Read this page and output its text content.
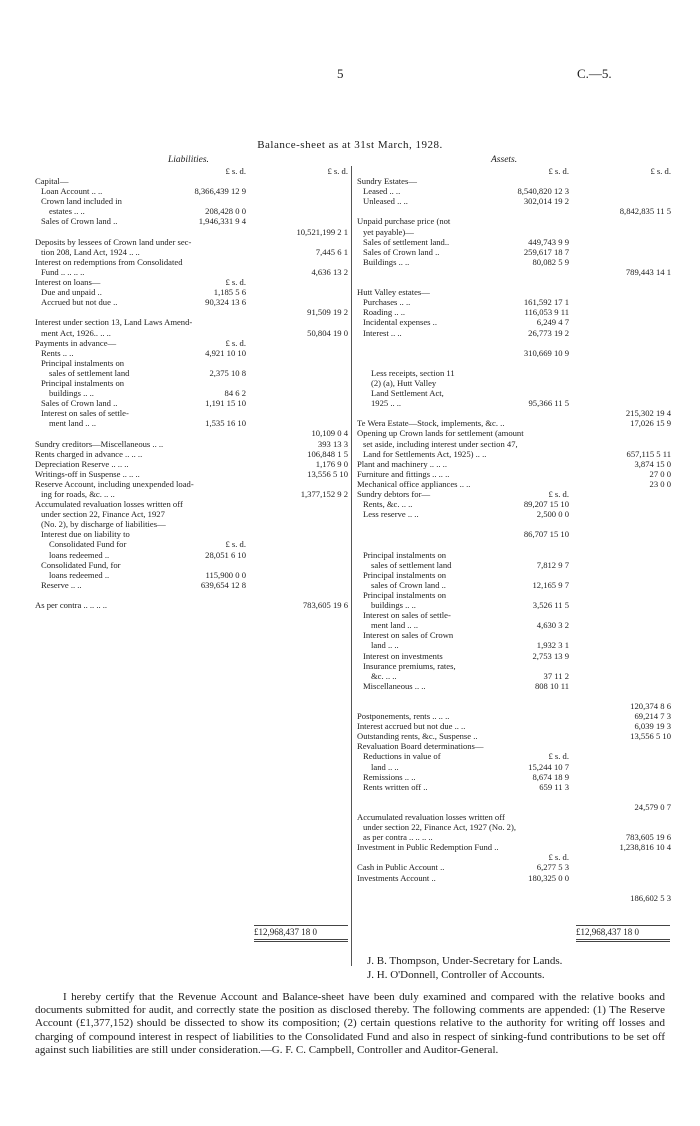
5	C.—5.
Balance-sheet as at 31st March, 1928.
Liabilities.
£ s. d.	£ s. d.
Capital—
Loan Account .. ..	8,366,439 12 9
Crown land included in
estates .. ..	208,428 0 0
Sales of Crown land ..	1,946,331 9 4
10,521,199 2 1
Deposits by lessees of Crown land under sec-
tion 208, Land Act, 1924 .. ..	7,445 6 1
Interest on redemptions from Consolidated
Fund .. .. .. ..	4,636 13 2
Interest on loans—	£ s. d.
Due and unpaid ..	1,185 5 6
Accrued but not due ..	90,324 13 6
91,509 19 2
Interest under section 13, Land Laws Amend-
ment Act, 1926.. .. ..	50,804 19 0
Payments in advance—	£ s. d.
Rents .. ..	4,921 10 10
Principal instalments on
sales of settlement land	2,375 10 8
Principal instalments on
buildings .. ..	84 6 2
Sales of Crown land ..	1,191 15 10
Interest on sales of settle-
ment land .. ..	1,535 16 10
10,109 0 4
Sundry creditors—Miscellaneous .. ..	393 13 3
Rents charged in advance .. .. ..	106,848 1 5
Depreciation Reserve .. .. ..	1,176 9 0
Writings-off in Suspense .. .. ..	13,556 5 10
Reserve Account, including unexpended load-
ing for roads, &c. .. ..	1,377,152 9 2
Accumulated revaluation losses written off
under section 22, Finance Act, 1927
(No. 2), by discharge of liabilities—
Interest due on liability to
Consolidated Fund for	£ s. d.
loans redeemed ..	28,051 6 10
Consolidated Fund, for
loans redeemed ..	115,900 0 0
Reserve .. ..	639,654 12 8
As per contra .. .. .. ..	783,605 19 6
Assets.
£ s. d.	£ s. d.
Sundry Estates—
Leased .. ..	8,540,820 12 3
Unleased .. ..	302,014 19 2
8,842,835 11 5
Unpaid purchase price (not
yet payable)—
Sales of settlement land..	449,743 9 9
Sales of Crown land ..	259,617 18 7
Buildings .. ..	80,082 5 9
789,443 14 1
Hutt Valley estates—
Purchases .. ..	161,592 17 1
Roading .. ..	116,053 9 11
Incidental expenses ..	6,249 4 7
Interest .. ..	26,773 19 2
310,669 10 9
Less receipts, section 11
(2) (a), Hutt Valley
Land Settlement Act,
1925 .. ..	95,366 11 5
215,302 19 4
Te Wera Estate—Stock, implements, &c. ..	17,026 15 9
Opening up Crown lands for settlement (amount
set aside, including interest under section 47,
Land for Settlements Act, 1925) .. ..	657,115 5 11
Plant and machinery .. .. ..	3,874 15 0
Furniture and fittings .. .. ..	27 0 0
Mechanical office appliances .. ..	23 0 0
Sundry debtors for—	£ s. d.
Rents, &c. .. ..	89,207 15 10
Less reserve .. ..	2,500 0 0
86,707 15 10
Principal instalments on
sales of settlement land	7,812 9 7
Principal instalments on
sales of Crown land ..	12,165 9 7
Principal instalments on
buildings .. ..	3,526 11 5
Interest on sales of settle-
ment land .. ..	4,630 3 2
Interest on sales of Crown
land .. ..	1,932 3 1
Interest on investments	2,753 13 9
Insurance premiums, rates,
&c. .. ..	37 11 2
Miscellaneous .. ..	808 10 11
120,374 8 6
Postponements, rents .. .. ..	69,214 7 3
Interest accrued but not due .. ..	6,039 19 3
Outstanding rents, &c., Suspense ..	13,556 5 10
Revaluation Board determinations—
Reductions in value of	£ s. d.
land .. ..	15,244 10 7
Remissions .. ..	8,674 18 9
Rents written off ..	659 11 3
24,579 0 7
Accumulated revaluation losses written off
under section 22, Finance Act, 1927 (No. 2),
as per contra .. .. .. ..	783,605 19 6
Investment in Public Redemption Fund ..	1,238,816 10 4
£ s. d.
Cash in Public Account ..	6,277 5 3
Investments Account ..	180,325 0 0
186,602 5 3
£12,968,437 18 0	£12,968,437 18 0
J. B. Thompson, Under-Secretary for Lands.
J. H. O'Donnell, Controller of Accounts.
I hereby certify that the Revenue Account and Balance-sheet have been duly examined and compared with the relative books and documents submitted for audit, and correctly state the position as disclosed thereby. The following comments are appended: (1) The Reserve Account (£1,377,152) should be dissected to show its composition; (2) certain questions relative to the authority for writing off losses and charging of compound interest in respect of liabilities to the Consolidated Fund and also in respect of sinking-fund contributions to be set off against such liabilities are still under consideration.—G. F. C. Campbell, Controller and Auditor-General.
